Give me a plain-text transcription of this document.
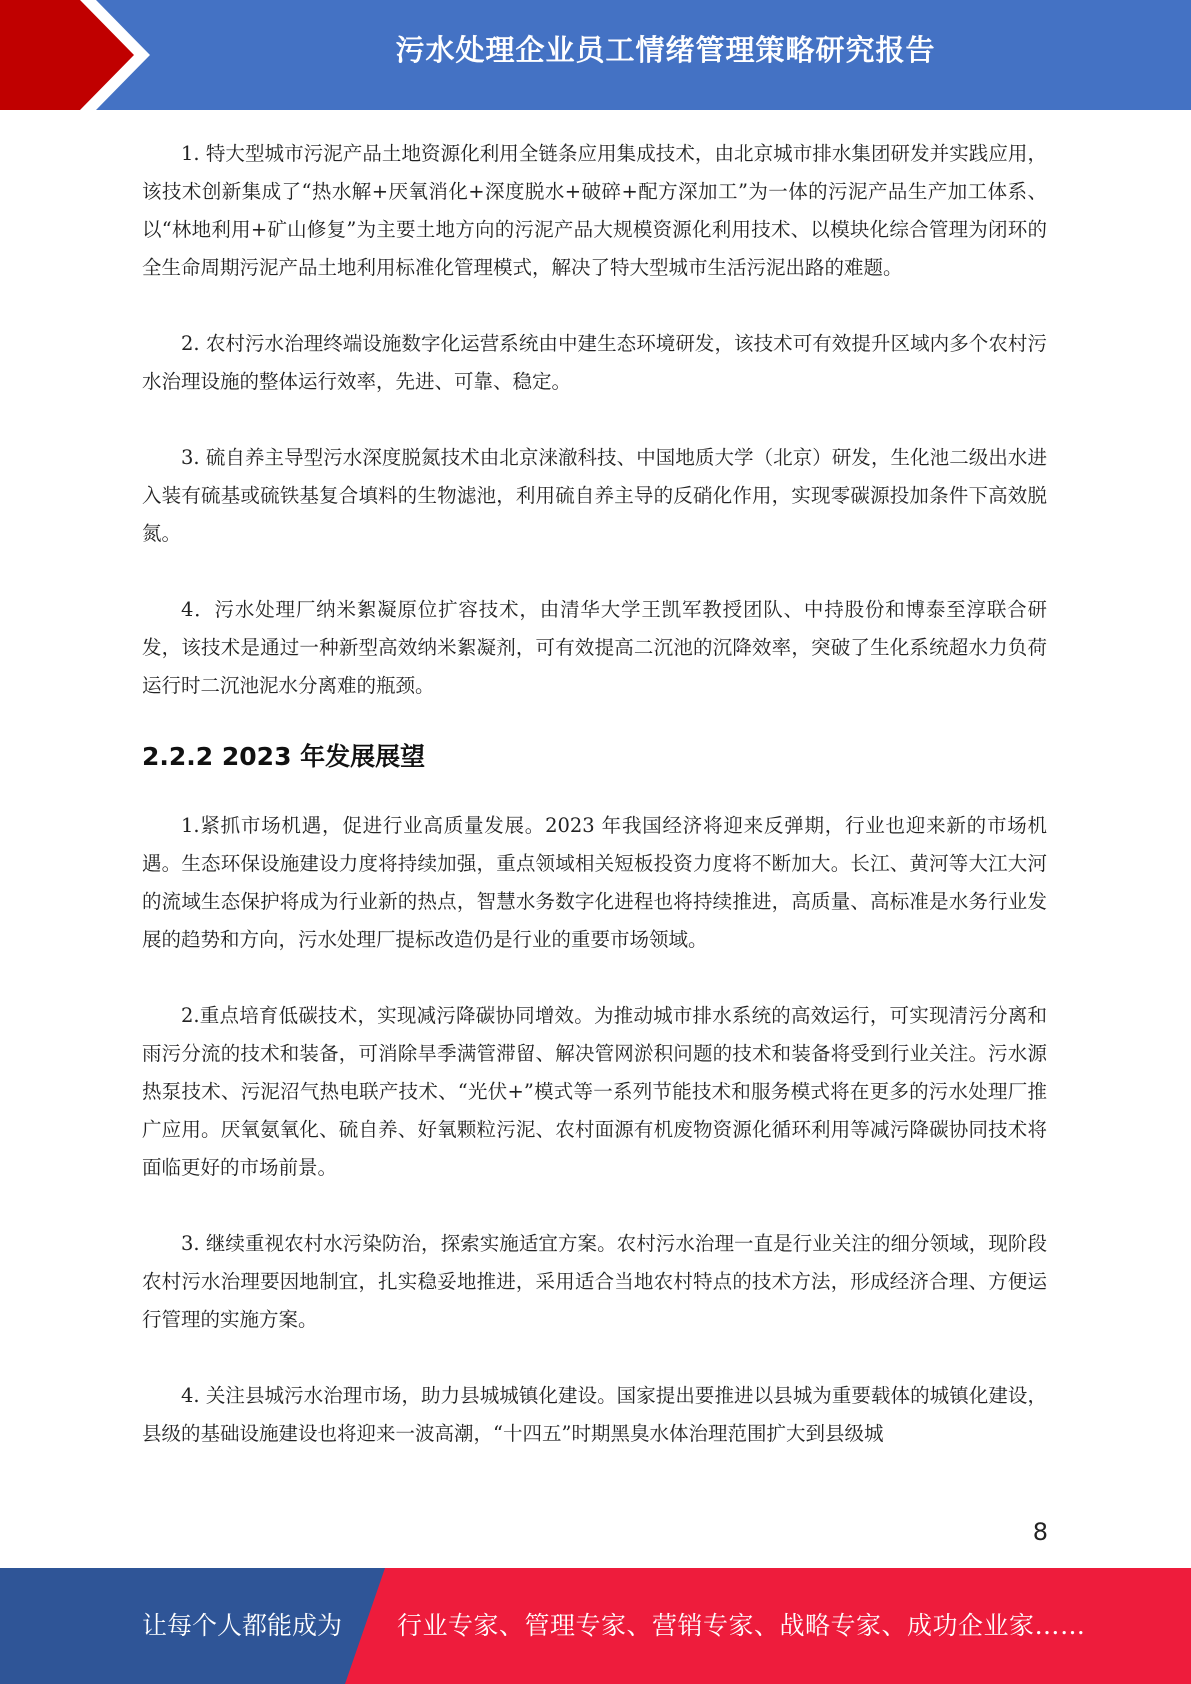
污水处理企业员工情绪管理策略研究报告

1. 特大型城市污泥产品土地资源化利用全链条应用集成技术，由北京城市排水集团研发并实践应用，该技术创新集成了“热水解+厌氧消化+深度脱水+破碎+配方深加工”为一体的污泥产品生产加工体系、以“林地利用+矿山修复”为主要土地方向的污泥产品大规模资源化利用技术、以模块化综合管理为闭环的全生命周期污泥产品土地利用标准化管理模式，解决了特大型城市生活污泥出路的难题。

2. 农村污水治理终端设施数字化运营系统由中建生态环境研发，该技术可有效提升区域内多个农村污水治理设施的整体运行效率，先进、可靠、稳定。

3. 硫自养主导型污水深度脱氮技术由北京涞澈科技、中国地质大学（北京）研发，生化池二级出水进入装有硫基或硫铁基复合填料的生物滤池，利用硫自养主导的反硝化作用，实现零碳源投加条件下高效脱氮。

4．污水处理厂纳米絮凝原位扩容技术，由清华大学王凯军教授团队、中持股份和博泰至淳联合研发，该技术是通过一种新型高效纳米絮凝剂，可有效提高二沉池的沉降效率，突破了生化系统超水力负荷运行时二沉池泥水分离难的瓶颈。

2.2.2 2023 年发展展望

1.紧抓市场机遇，促进行业高质量发展。2023 年我国经济将迎来反弹期，行业也迎来新的市场机遇。生态环保设施建设力度将持续加强，重点领域相关短板投资力度将不断加大。长江、黄河等大江大河的流域生态保护将成为行业新的热点，智慧水务数字化进程也将持续推进，高质量、高标准是水务行业发展的趋势和方向，污水处理厂提标改造仍是行业的重要市场领域。

2.重点培育低碳技术，实现减污降碳协同增效。为推动城市排水系统的高效运行，可实现清污分离和雨污分流的技术和装备，可消除旱季满管滞留、解决管网淤积问题的技术和装备将受到行业关注。污水源热泵技术、污泥沼气热电联产技术、“光伏+”模式等一系列节能技术和服务模式将在更多的污水处理厂推广应用。厌氧氨氧化、硫自养、好氧颗粒污泥、农村面源有机废物资源化循环利用等减污降碳协同技术将面临更好的市场前景。

3. 继续重视农村水污染防治，探索实施适宜方案。农村污水治理一直是行业关注的细分领域，现阶段农村污水治理要因地制宜，扎实稳妥地推进，采用适合当地农村特点的技术方法，形成经济合理、方便运行管理的实施方案。

4. 关注县城污水治理市场，助力县城城镇化建设。国家提出要推进以县城为重要载体的城镇化建设，县级的基础设施建设也将迎来一波高潮，“十四五”时期黑臭水体治理范围扩大到县级城

8
让每个人都能成为 行业专家、管理专家、营销专家、战略专家、成功企业家……
